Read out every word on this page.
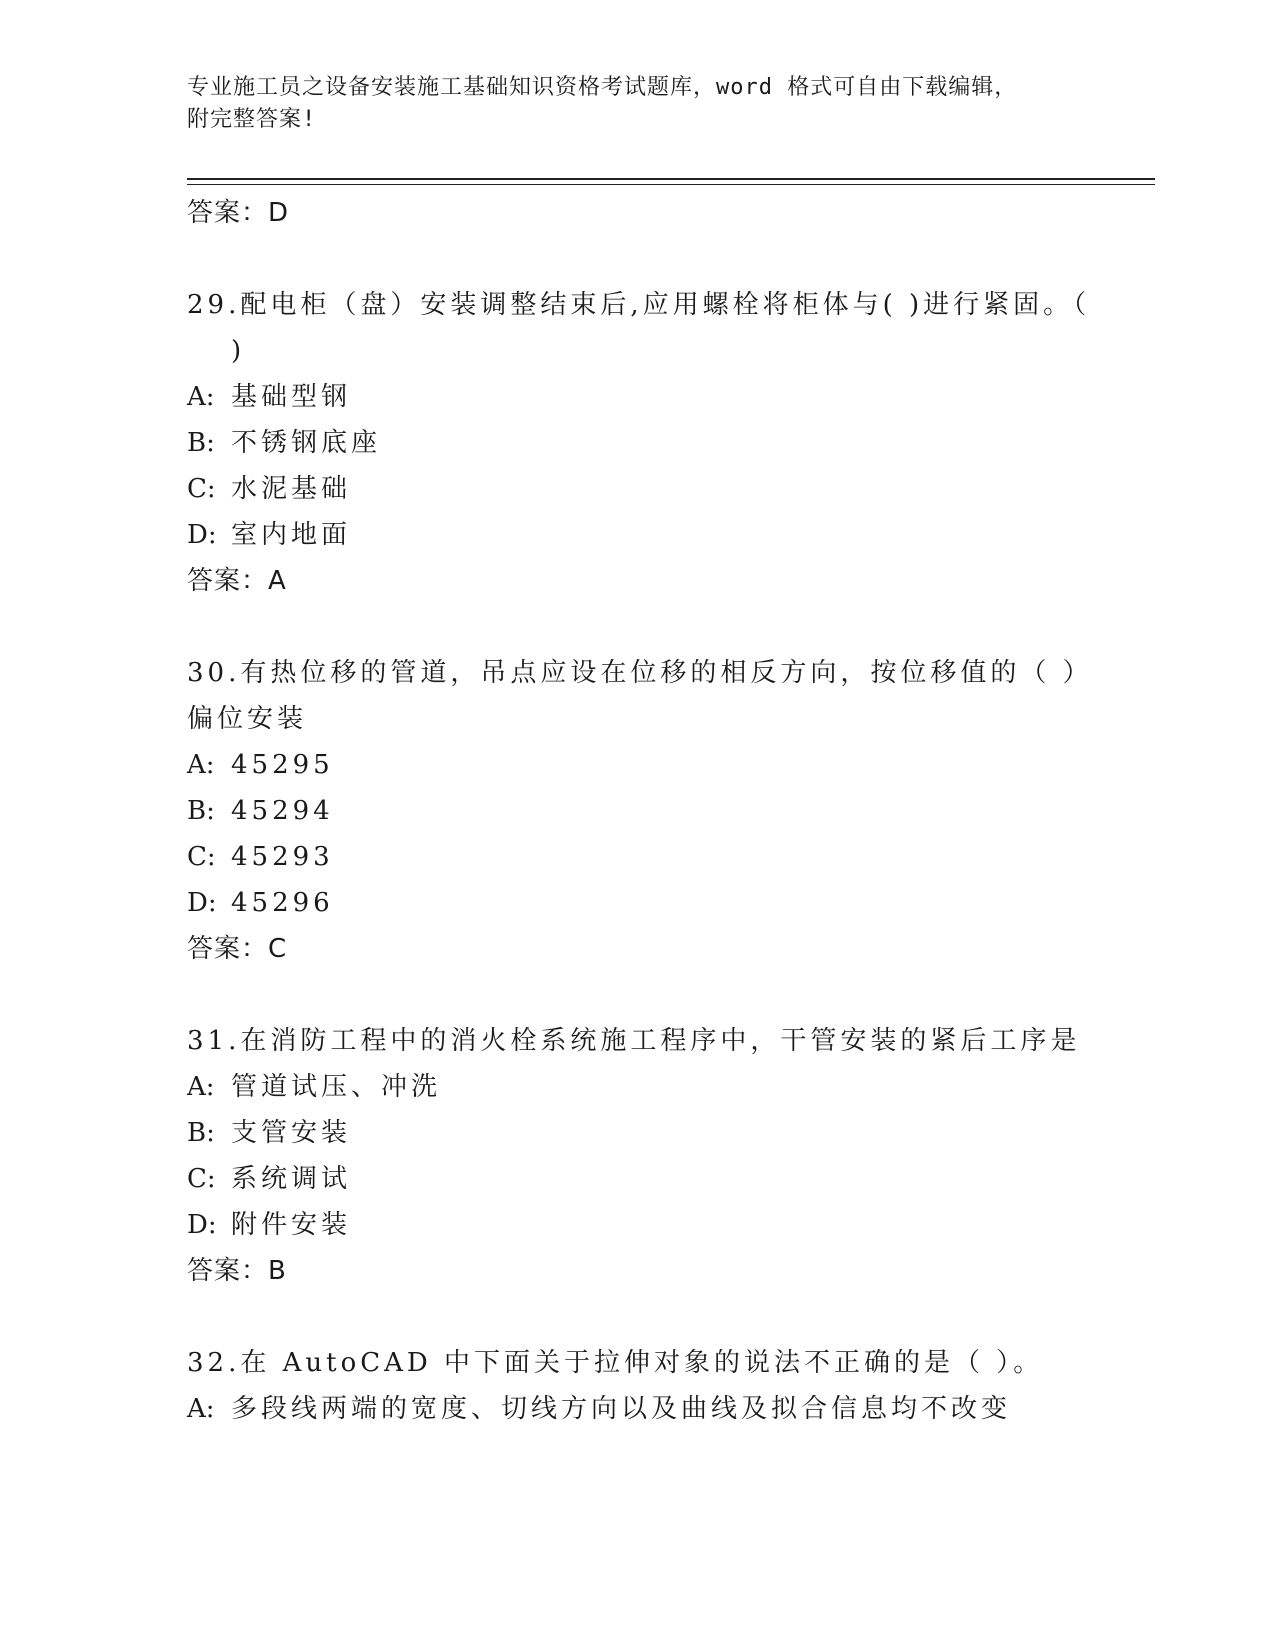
专业施工员之设备安装施工基础知识资格考试题库，word 格式可自由下载编辑，
附完整答案!
答案：D
29.配电柜（盘）安装调整结束后,应用螺栓将柜体与( )进行紧固。（
)
A: 基础型钢
B: 不锈钢底座
C: 水泥基础
D: 室内地面
答案：A
30.有热位移的管道，吊点应设在位移的相反方向，按位移值的（ ）
偏位安装
A: 45295
B: 45294
C: 45293
D: 45296
答案：C
31.在消防工程中的消火栓系统施工程序中，干管安装的紧后工序是
A: 管道试压、冲洗
B: 支管安装
C: 系统调试
D: 附件安装
答案：B
32.在 AutoCAD 中下面关于拉伸对象的说法不正确的是（ ）。
A: 多段线两端的宽度、切线方向以及曲线及拟合信息均不改变
